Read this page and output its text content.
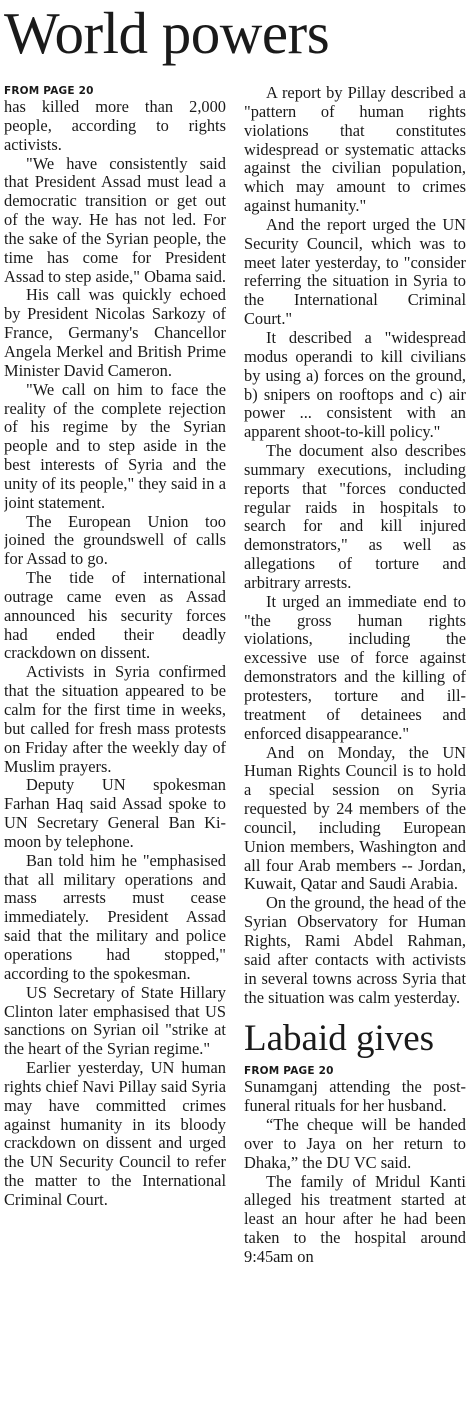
World powers

FROM PAGE 20

has killed more than 2,000 people, according to rights activists.

"We have consistently said that President Assad must lead a democratic transition or get out of the way. He has not led. For the sake of the Syrian people, the time has come for President Assad to step aside," Obama said.

His call was quickly echoed by President Nicolas Sarkozy of France, Germany's Chancellor Angela Merkel and British Prime Minister David Cameron.

"We call on him to face the reality of the complete rejection of his regime by the Syrian people and to step aside in the best interests of Syria and the unity of its people," they said in a joint statement.

The European Union too joined the groundswell of calls for Assad to go.

The tide of international outrage came even as Assad announced his security forces had ended their deadly crackdown on dissent.

Activists in Syria confirmed that the situation appeared to be calm for the first time in weeks, but called for fresh mass protests on Friday after the weekly day of Muslim prayers.

Deputy UN spokesman Farhan Haq said Assad spoke to UN Secretary General Ban Ki-moon by telephone.

Ban told him he "emphasised that all military operations and mass arrests must cease immediately. President Assad said that the military and police operations had stopped," according to the spokesman.

US Secretary of State Hillary Clinton later emphasised that US sanctions on Syrian oil "strike at the heart of the Syrian regime."

Earlier yesterday, UN human rights chief Navi Pillay said Syria may have committed crimes against humanity in its bloody crackdown on dissent and urged the UN Security Council to refer the matter to the International Criminal Court.

A report by Pillay described a "pattern of human rights violations that constitutes widespread or systematic attacks against the civilian population, which may amount to crimes against humanity."

And the report urged the UN Security Council, which was to meet later yesterday, to "consider referring the situation in Syria to the International Criminal Court."

It described a "widespread modus operandi to kill civilians by using a) forces on the ground, b) snipers on rooftops and c) air power ... consistent with an apparent shoot-to-kill policy."

The document also describes summary executions, including reports that "forces conducted regular raids in hospitals to search for and kill injured demonstrators," as well as allegations of torture and arbitrary arrests.

It urged an immediate end to "the gross human rights violations, including the excessive use of force against demonstrators and the killing of protesters, torture and ill-treatment of detainees and enforced disappearance."

And on Monday, the UN Human Rights Council is to hold a special session on Syria requested by 24 members of the council, including European Union members, Washington and all four Arab members -- Jordan, Kuwait, Qatar and Saudi Arabia.

On the ground, the head of the Syrian Observatory for Human Rights, Rami Abdel Rahman, said after contacts with activists in several towns across Syria that the situation was calm yesterday.

Labaid gives

FROM PAGE 20

Sunamganj attending the post-funeral rituals for her husband.

“The cheque will be handed over to Jaya on her return to Dhaka,” the DU VC said.

The family of Mridul Kanti alleged his treatment started at least an hour after he had been taken to the hospital around 9:45am on
